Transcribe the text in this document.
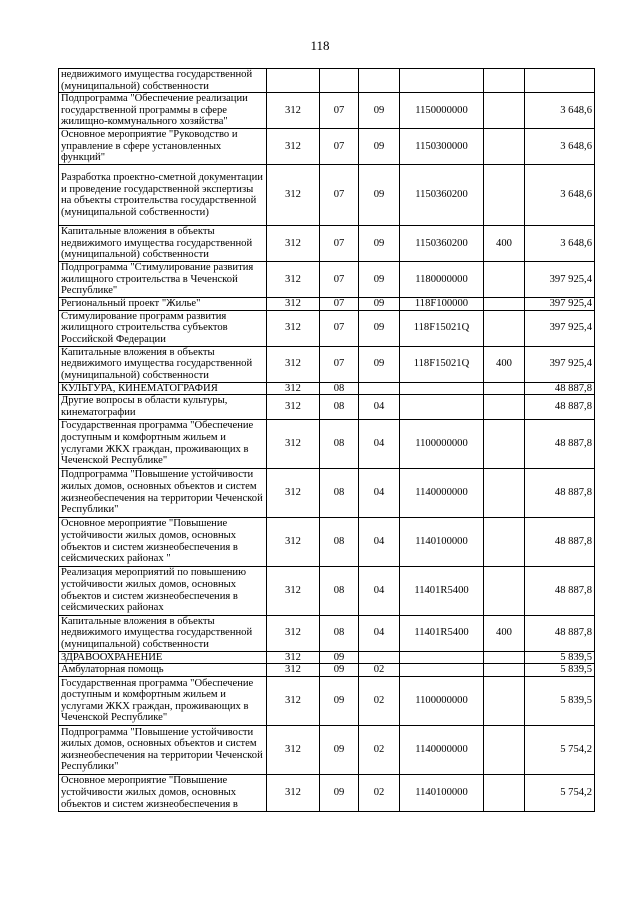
118
недвижимого имущества государственной (муниципальной) собственности						
Подпрограмма "Обеспечение реализации государственной программы в сфере жилищно-коммунального хозяйства"	312	07	09	1150000000		3 648,6
Основное мероприятие "Руководство и управление в сфере установленных функций"	312	07	09	1150300000		3 648,6
Разработка проектно-сметной документации и проведение государственной экспертизы на объекты строительства государственной (муниципальной собственности)	312	07	09	1150360200		3 648,6
Капитальные вложения в объекты недвижимого имущества государственной (муниципальной) собственности	312	07	09	1150360200	400	3 648,6
Подпрограмма "Стимулирование развития жилищного строительства в Чеченской Республике"	312	07	09	1180000000		397 925,4
Региональный проект "Жилье"	312	07	09	118F100000		397 925,4
Стимулирование программ развития жилищного строительства субъектов Российской Федерации	312	07	09	118F15021Q		397 925,4
Капитальные вложения в объекты недвижимого имущества государственной (муниципальной) собственности	312	07	09	118F15021Q	400	397 925,4
КУЛЬТУРА, КИНЕМАТОГРАФИЯ	312	08				48 887,8
Другие вопросы в области культуры, кинематографии	312	08	04			48 887,8
Государственная программа "Обеспечение доступным и комфортным жильем и услугами ЖКХ граждан, проживающих в Чеченской Республике"	312	08	04	1100000000		48 887,8
Подпрограмма "Повышение устойчивости жилых домов, основных объектов и систем жизнеобеспечения на территории Чеченской Республики"	312	08	04	1140000000		48 887,8
Основное мероприятие "Повышение устойчивости жилых домов, основных объектов и систем жизнеобеспечения в сейсмических районах "	312	08	04	1140100000		48 887,8
Реализация мероприятий по повышению устойчивости жилых домов, основных объектов и систем жизнеобеспечения в сейсмических районах	312	08	04	11401R5400		48 887,8
Капитальные вложения в объекты недвижимого имущества государственной (муниципальной) собственности	312	08	04	11401R5400	400	48 887,8
ЗДРАВООХРАНЕНИЕ	312	09				5 839,5
Амбулаторная помощь	312	09	02			5 839,5
Государственная программа "Обеспечение доступным и комфортным жильем и услугами ЖКХ граждан, проживающих в Чеченской Республике"	312	09	02	1100000000		5 839,5
Подпрограмма "Повышение устойчивости жилых домов, основных объектов и систем жизнеобеспечения на территории Чеченской Республики"	312	09	02	1140000000		5 754,2
Основное мероприятие "Повышение устойчивости жилых домов, основных объектов и систем жизнеобеспечения в	312	09	02	1140100000		5 754,2
